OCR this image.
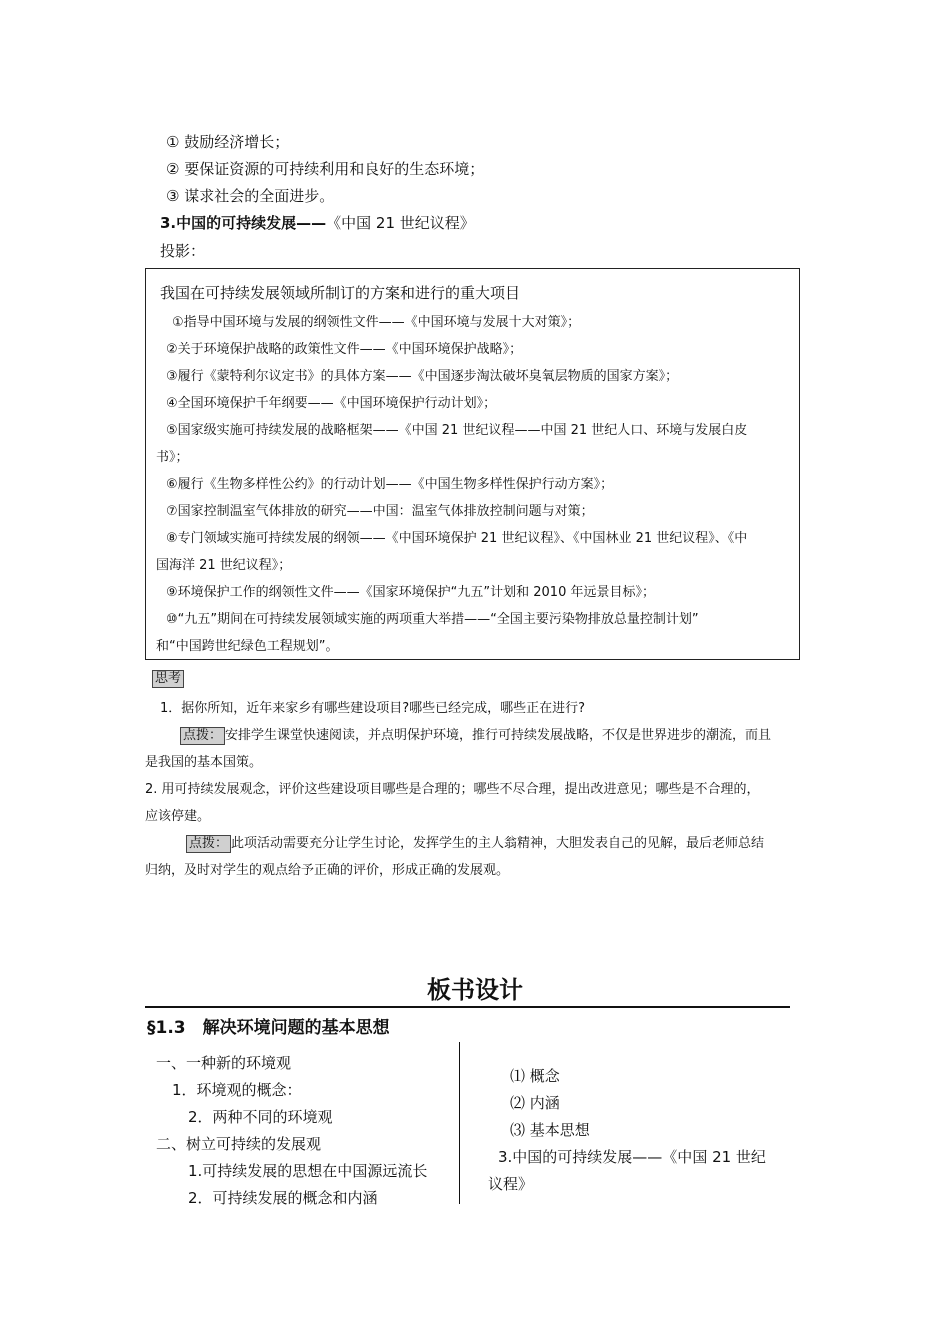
① 鼓励经济增长；
② 要保证资源的可持续利用和良好的生态环境；
③ 谋求社会的全面进步。
3.中国的可持续发展——《中国 21 世纪议程》
投影：
我国在可持续发展领域所制订的方案和进行的重大项目
①指导中国环境与发展的纲领性文件——《中国环境与发展十大对策》；
②关于环境保护战略的政策性文件——《中国环境保护战略》；
③履行《蒙特利尔议定书》的具体方案——《中国逐步淘汰破坏臭氧层物质的国家方案》；
④全国环境保护千年纲要——《中国环境保护行动计划》；
⑤国家级实施可持续发展的战略框架——《中国 21 世纪议程——中国 21 世纪人口、环境与发展白皮
书》；
⑥履行《生物多样性公约》的行动计划——《中国生物多样性保护行动方案》；
⑦国家控制温室气体排放的研究——中国：温室气体排放控制问题与对策；
⑧专门领域实施可持续发展的纲领——《中国环境保护 21 世纪议程》、《中国林业 21 世纪议程》、《中
国海洋 21 世纪议程》；
⑨环境保护工作的纲领性文件——《国家环境保护“九五”计划和 2010 年远景目标》；
⑩“九五”期间在可持续发展领域实施的两项重大举措——“全国主要污染物排放总量控制计划”
和“中国跨世纪绿色工程规划”。
思考
1．据你所知，近年来家乡有哪些建设项目?哪些已经完成，哪些正在进行?
点拨： 安排学生课堂快速阅读，并点明保护环境，推行可持续发展战略，不仅是世界进步的潮流，而且
是我国的基本国策。
2. 用可持续发展观念，评价这些建设项目哪些是合理的；哪些不尽合理，提出改进意见；哪些是不合理的，
应该停建。
点拨： 此项活动需要充分让学生讨论，发挥学生的主人翁精神，大胆发表自己的见解，最后老师总结
归纳，及时对学生的观点给予正确的评价，形成正确的发展观。
板书设计
§1.3　解决环境问题的基本思想
一、一种新的环境观
1．环境观的概念：
2．两种不同的环境观
二、树立可持续的发展观
1.可持续发展的思想在中国源远流长
2．可持续发展的概念和内涵
⑴ 概念
⑵ 内涵
⑶ 基本思想
3.中国的可持续发展——《中国 21 世纪
议程》
